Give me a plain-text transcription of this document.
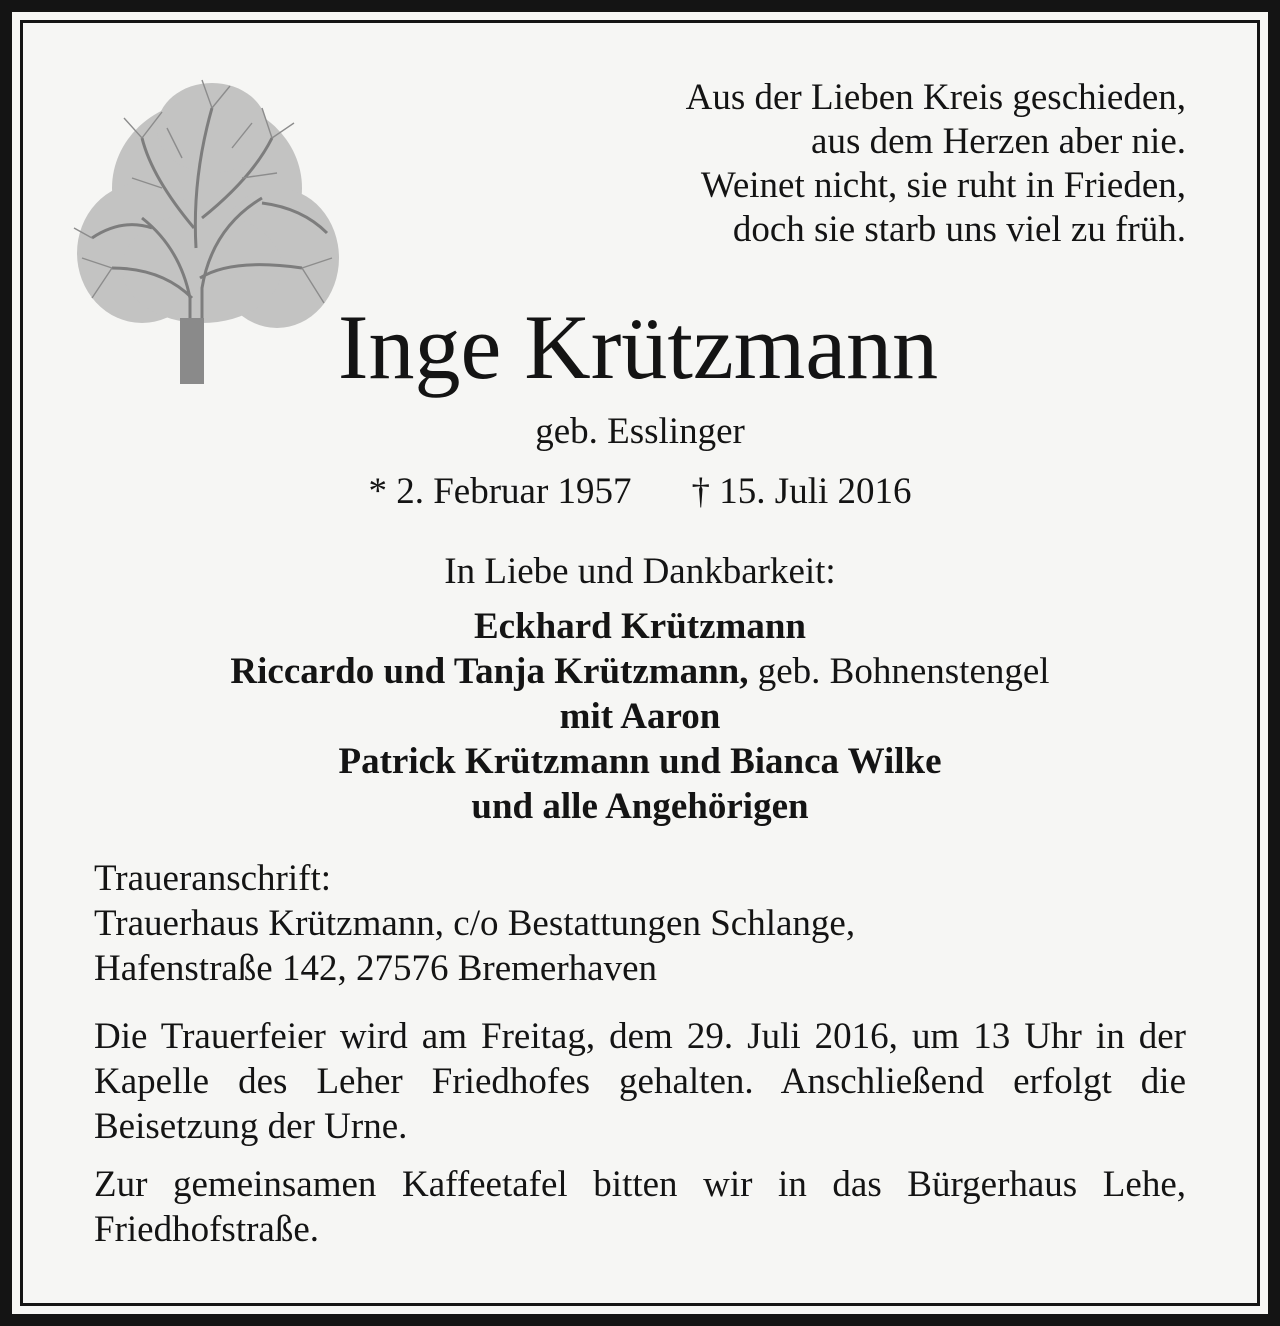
Aus der Lieben Kreis geschieden,
aus dem Herzen aber nie.
Weinet nicht, sie ruht in Frieden,
doch sie starb uns viel zu früh.
Inge Krützmann
geb. Esslinger
* 2. Februar 1957 † 15. Juli 2016
In Liebe und Dankbarkeit:
Eckhard Krützmann
Riccardo und Tanja Krützmann, geb. Bohnenstengel
mit Aaron
Patrick Krützmann und Bianca Wilke
und alle Angehörigen
Traueranschrift:
Trauerhaus Krützmann, c/o Bestattungen Schlange,
Hafenstraße 142, 27576 Bremerhaven
Die Trauerfeier wird am Freitag, dem 29. Juli 2016, um 13 Uhr in der Kapelle des Leher Friedhofes gehalten. Anschließend erfolgt die Beisetzung der Urne.
Zur gemeinsamen Kaffeetafel bitten wir in das Bürgerhaus Lehe, Friedhofstraße.
